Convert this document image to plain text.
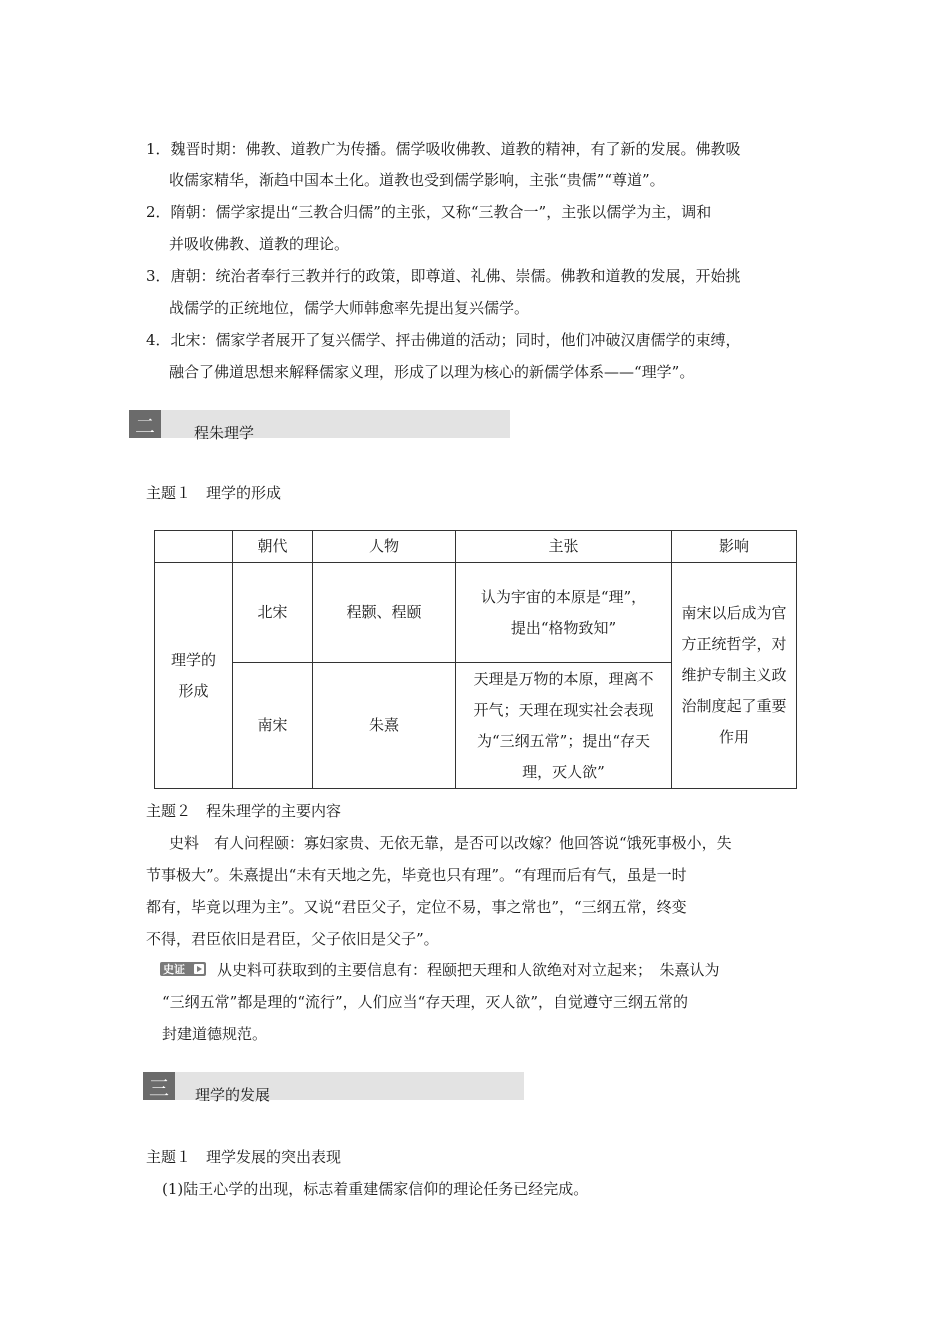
1．魏晋时期：佛教、道教广为传播。儒学吸收佛教、道教的精神，有了新的发展。佛教吸
收儒家精华，渐趋中国本土化。道教也受到儒学影响，主张“贵儒”“尊道”。
2．隋朝：儒学家提出“三教合归儒”的主张，又称“三教合一”，主张以儒学为主，调和
并吸收佛教、道教的理论。
3．唐朝：统治者奉行三教并行的政策，即尊道、礼佛、崇儒。佛教和道教的发展，开始挑
战儒学的正统地位，儒学大师韩愈率先提出复兴儒学。
4．北宋：儒家学者展开了复兴儒学、抨击佛道的活动；同时，他们冲破汉唐儒学的束缚，
融合了佛道思想来解释儒家义理，形成了以理为核心的新儒学体系——“理学”。
二	程朱理学
主题１　理学的形成
	朝代	人物	主张	影响
理学的形成	北宋	程颢、程颐	认为宇宙的本原是“理”，提出“格物致知”	南宋以后成为官方正统哲学，对维护专制主义政治制度起了重要作用
	南宋	朱熹	天理是万物的本原，理离不开气；天理在现实社会表现为“三纲五常”；提出“存天理，灭人欲”	
主题２　程朱理学的主要内容
史料　有人问程颐：寡妇家贵、无依无靠，是否可以改嫁？他回答说“饿死事极小，失
节事极大”。朱熹提出“未有天地之先，毕竟也只有理”。“有理而后有气，虽是一时
都有，毕竟以理为主”。又说“君臣父子，定位不易，事之常也”，“三纲五常，终变
不得，君臣依旧是君臣，父子依旧是父子”。
史证 从史料可获取到的主要信息有：程颐把天理和人欲绝对对立起来；　朱熹认为
“三纲五常”都是理的“流行”，人们应当“存天理，灭人欲”，自觉遵守三纲五常的
封建道德规范。
三	理学的发展
主题１　理学发展的突出表现
(1)陆王心学的出现，标志着重建儒家信仰的理论任务已经完成。
